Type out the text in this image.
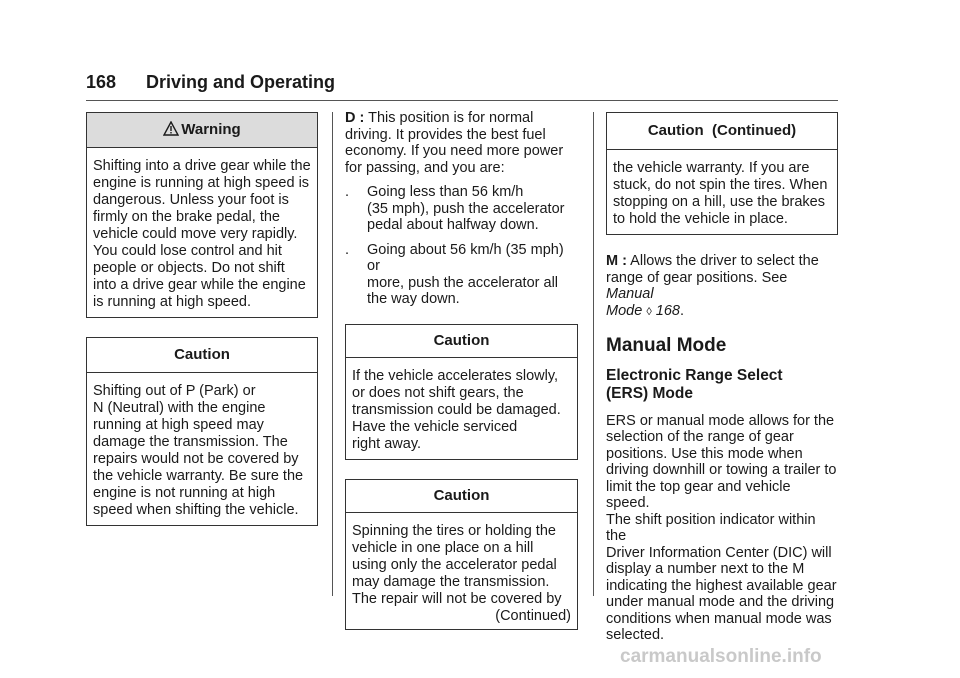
168 Driving and Operating
Warning
Shifting into a drive gear while the
engine is running at high speed is
dangerous. Unless your foot is
firmly on the brake pedal, the
vehicle could move very rapidly.
You could lose control and hit
people or objects. Do not shift
into a drive gear while the engine
is running at high speed.
Caution
Shifting out of P (Park) or
N (Neutral) with the engine
running at high speed may
damage the transmission. The
repairs would not be covered by
the vehicle warranty. Be sure the
engine is not running at high
speed when shifting the vehicle.

D : This position is for normal
driving. It provides the best fuel
economy. If you need more power
for passing, and you are:

.	Going less than 56 km/h
(35 mph), push the accelerator
pedal about halfway down.
.	Going about 56 km/h (35 mph) or
more, push the accelerator all
the way down.
Caution
If the vehicle accelerates slowly,
or does not shift gears, the
transmission could be damaged.
Have the vehicle serviced
right away.
Caution
Spinning the tires or holding the
vehicle in one place on a hill
using only the accelerator pedal
may damage the transmission.
The repair will not be covered by
(Continued)
Caution  (Continued)
the vehicle warranty. If you are
stuck, do not spin the tires. When
stopping on a hill, use the brakes
to hold the vehicle in place.

M : Allows the driver to select the
range of gear positions. See Manual
Mode ◊ 168.

Manual Mode
Electronic Range Select
(ERS) Mode

ERS or manual mode allows for the
selection of the range of gear
positions. Use this mode when
driving downhill or towing a trailer to
limit the top gear and vehicle speed.
The shift position indicator within the
Driver Information Center (DIC) will
display a number next to the M
indicating the highest available gear
under manual mode and the driving
conditions when manual mode was
selected.

carmanualsonline.info
